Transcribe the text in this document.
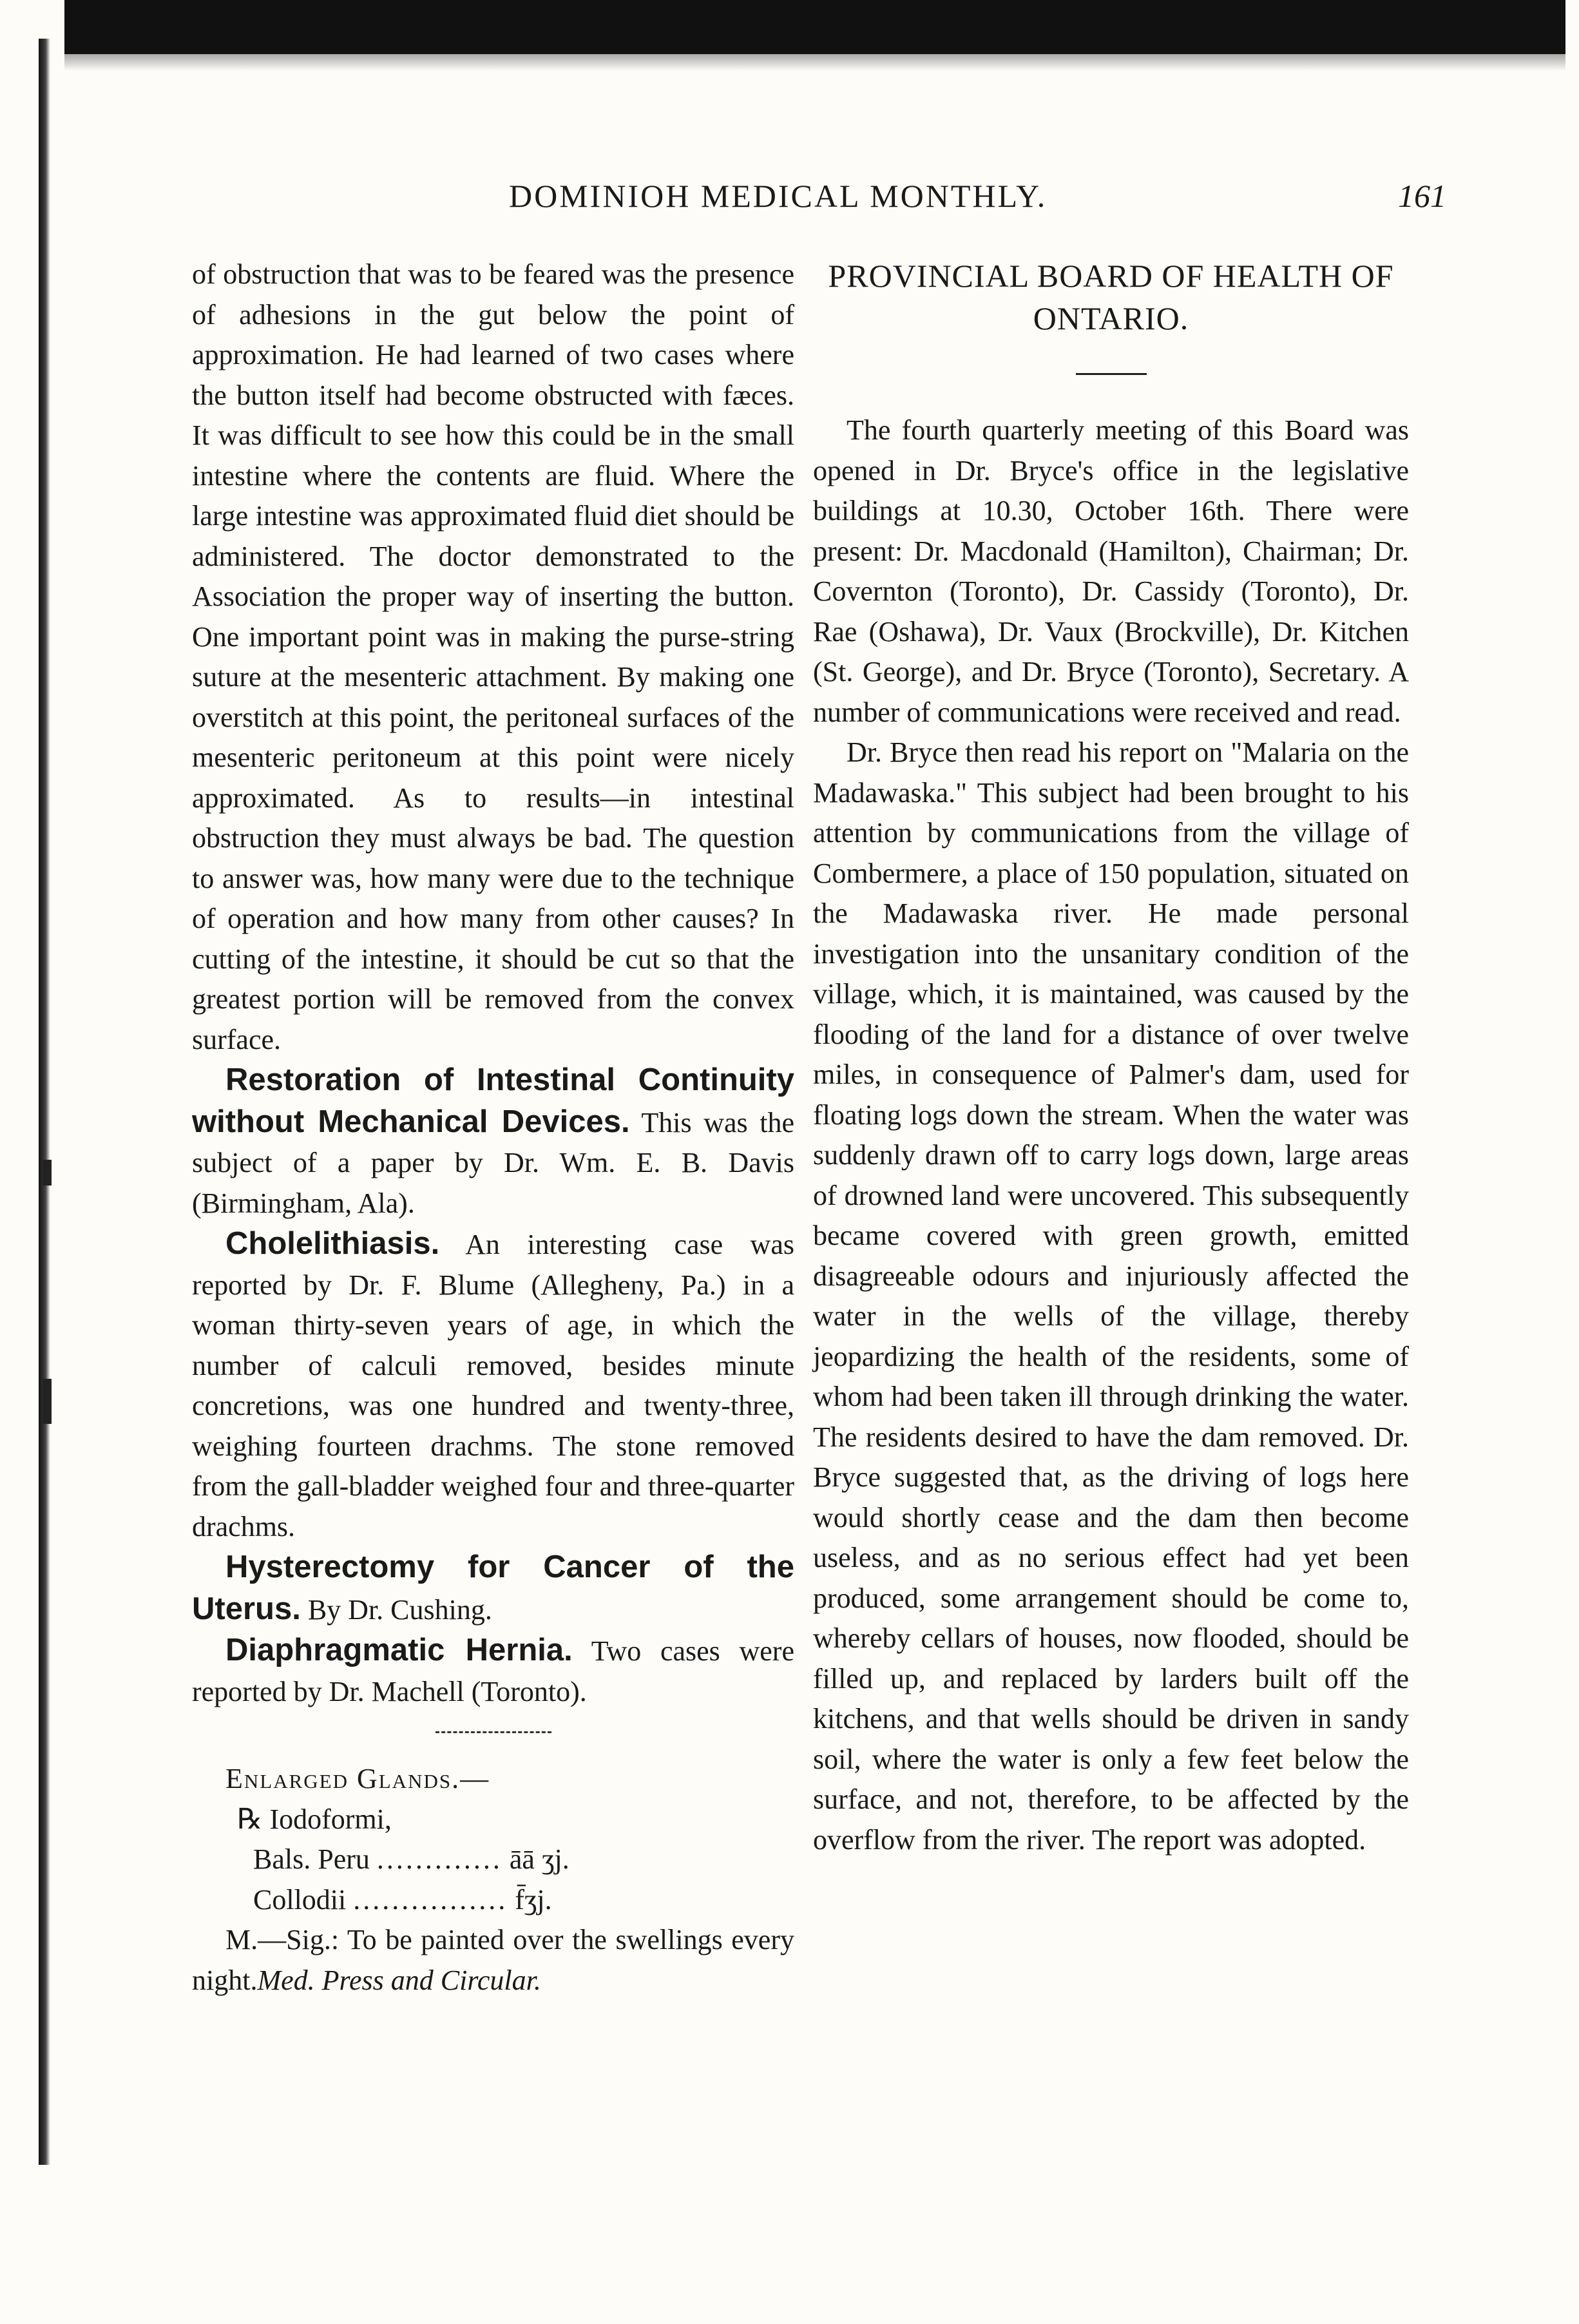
DOMINIOH MEDICAL MONTHLY.	161

of obstruction that was to be feared was the presence of adhesions in the gut below the point of approximation. He had learned of two cases where the button itself had become obstructed with fæces. It was difficult to see how this could be in the small intestine where the contents are fluid. Where the large intestine was approximated fluid diet should be administered. The doctor demonstrated to the Association the proper way of inserting the button. One important point was in making the purse-string suture at the mesenteric attachment. By making one overstitch at this point, the peritoneal surfaces of the mesenteric peritoneum at this point were nicely approximated. As to results—in intestinal obstruction they must always be bad. The question to answer was, how many were due to the technique of operation and how many from other causes? In cutting of the intestine, it should be cut so that the greatest portion will be removed from the convex surface.

Restoration of Intestinal Continuity without Mechanical Devices. This was the subject of a paper by Dr. Wm. E. B. Davis (Birmingham, Ala).

Cholelithiasis. An interesting case was reported by Dr. F. Blume (Allegheny, Pa.) in a woman thirty-seven years of age, in which the number of calculi removed, besides minute concretions, was one hundred and twenty-three, weighing fourteen drachms. The stone removed from the gall-bladder weighed four and three-quarter drachms.

Hysterectomy for Cancer of the Uterus. By Dr. Cushing.

Diaphragmatic Hernia. Two cases were reported by Dr. Machell (Toronto).

Enlarged Glands.—

℞ Iodoformi,

Bals. Peru ............. āā ʒj.

Collodii ................ f̄ʒj.

M.—Sig.: To be painted over the swellings every night.Med. Press and Circular.

PROVINCIAL BOARD OF HEALTH OF ONTARIO.

The fourth quarterly meeting of this Board was opened in Dr. Bryce's office in the legislative buildings at 10.30, October 16th. There were present: Dr. Macdonald (Hamilton), Chairman; Dr. Covernton (Toronto), Dr. Cassidy (Toronto), Dr. Rae (Oshawa), Dr. Vaux (Brockville), Dr. Kitchen (St. George), and Dr. Bryce (Toronto), Secretary. A number of communications were received and read.

Dr. Bryce then read his report on "Malaria on the Madawaska." This subject had been brought to his attention by communications from the village of Combermere, a place of 150 population, situated on the Madawaska river. He made personal investigation into the unsanitary condition of the village, which, it is maintained, was caused by the flooding of the land for a distance of over twelve miles, in consequence of Palmer's dam, used for floating logs down the stream. When the water was suddenly drawn off to carry logs down, large areas of drowned land were uncovered. This subsequently became covered with green growth, emitted disagreeable odours and injuriously affected the water in the wells of the village, thereby jeopardizing the health of the residents, some of whom had been taken ill through drinking the water. The residents desired to have the dam removed. Dr. Bryce suggested that, as the driving of logs here would shortly cease and the dam then become useless, and as no serious effect had yet been produced, some arrangement should be come to, whereby cellars of houses, now flooded, should be filled up, and replaced by larders built off the kitchens, and that wells should be driven in sandy soil, where the water is only a few feet below the surface, and not, therefore, to be affected by the overflow from the river. The report was adopted.
